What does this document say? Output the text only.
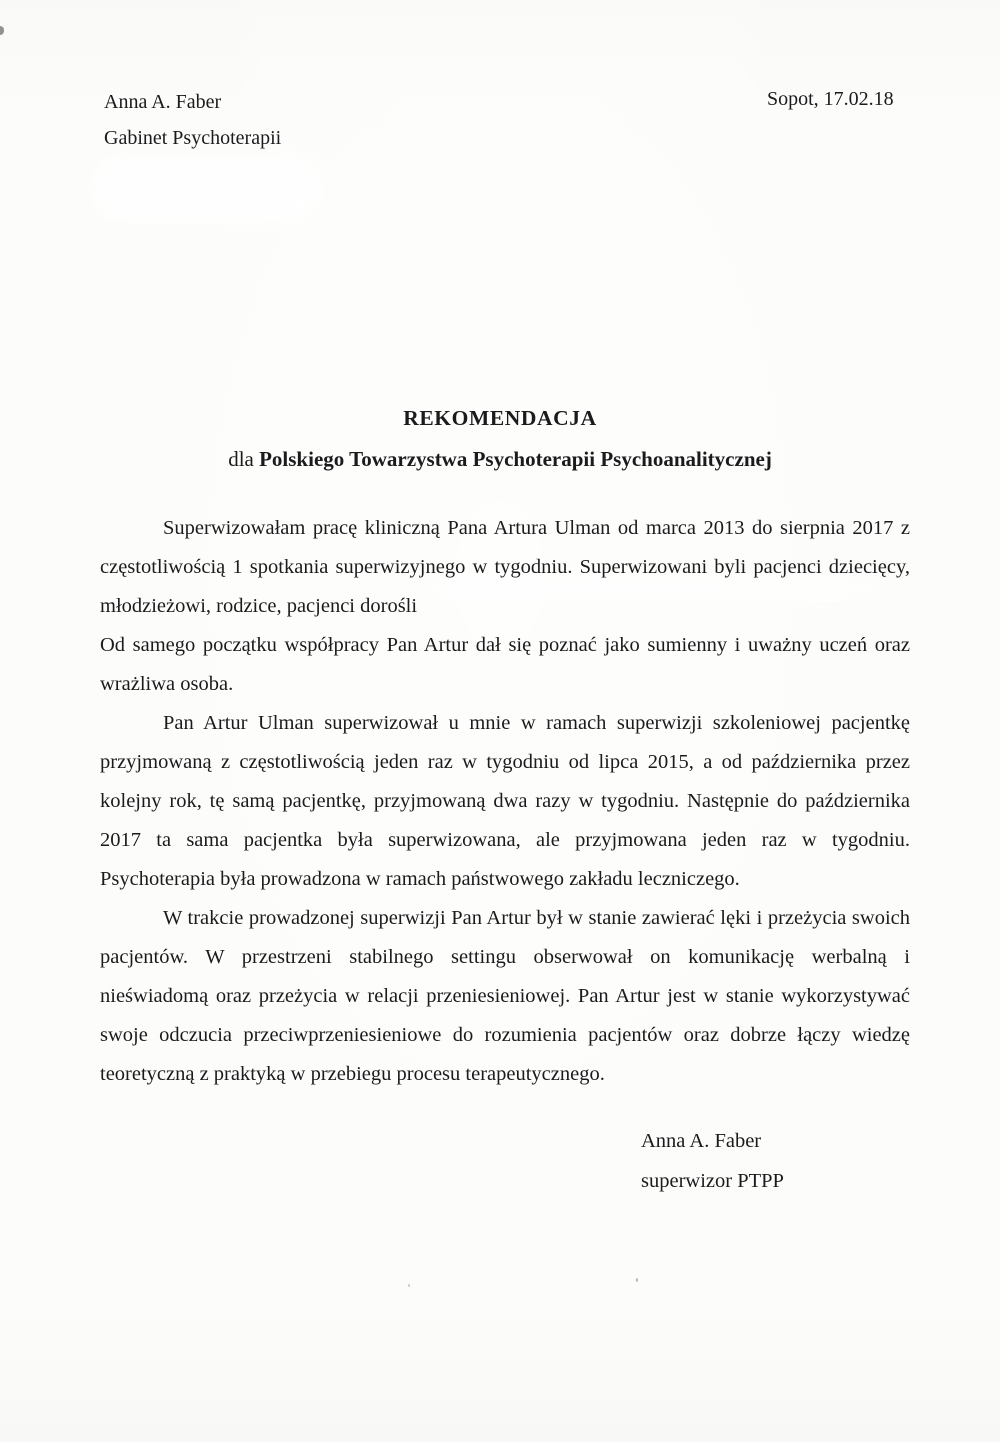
Anna A. Faber
Gabinet Psychoterapii
Sopot, 17.02.18
REKOMENDACJA
dla Polskiego Towarzystwa Psychoterapii Psychoanalitycznej

Superwizowałam pracę kliniczną Pana Artura Ulman od marca 2013 do sierpnia 2017 z częstotliwością 1 spotkania superwizyjnego w tygodniu. Superwizowani byli pacjenci dziecięcy, młodzieżowi, rodzice, pacjenci dorośli

Od samego początku współpracy Pan Artur dał się poznać jako sumienny i uważny uczeń oraz wrażliwa osoba.

Pan Artur Ulman superwizował u mnie w ramach superwizji szkoleniowej pacjentkę przyjmowaną z częstotliwością jeden raz w tygodniu od lipca 2015, a od października przez kolejny rok, tę samą pacjentkę, przyjmowaną dwa razy w tygodniu. Następnie do października 2017 ta sama pacjentka była superwizowana, ale przyjmowana jeden raz w tygodniu. Psychoterapia była prowadzona w ramach państwowego zakładu leczniczego.

W trakcie prowadzonej superwizji Pan Artur był w stanie zawierać lęki i przeżycia swoich pacjentów. W przestrzeni stabilnego settingu obserwował on komunikację werbalną i nieświadomą oraz przeżycia w relacji przeniesieniowej. Pan Artur jest w stanie wykorzystywać swoje odczucia przeciwprzeniesieniowe do rozumienia pacjentów oraz dobrze łączy wiedzę teoretyczną z praktyką w przebiegu procesu terapeutycznego.

Anna A. Faber
superwizor PTPP
